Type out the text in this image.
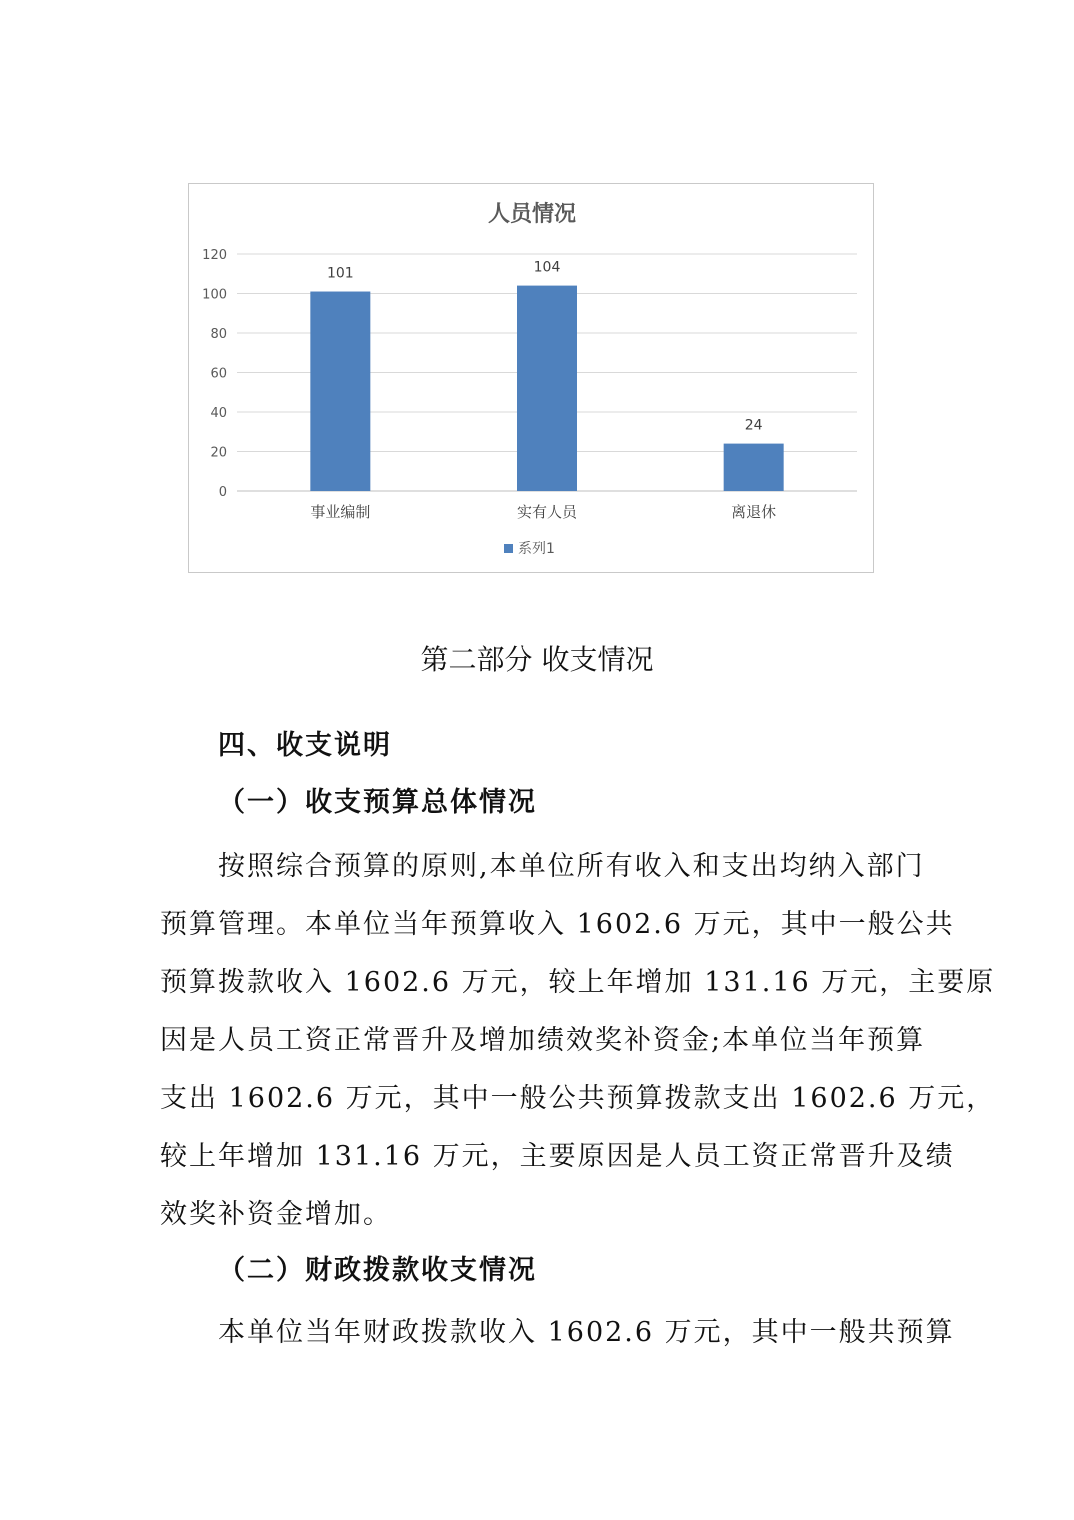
人员情况
0
20
40
60
80
100
120
101	104
24
事业编制	实有人员	离退休
系列1
第二部分 收支情况
四、收支说明
（一）收支预算总体情况
按照综合预算的原则,本单位所有收入和支出均纳入部门
预算管理。本单位当年预算收入 1602.6 万元，其中一般公共
预算拨款收入 1602.6 万元，较上年增加 131.16 万元，主要原
因是人员工资正常晋升及增加绩效奖补资金;本单位当年预算
支出 1602.6 万元，其中一般公共预算拨款支出 1602.6 万元，
较上年增加 131.16 万元，主要原因是人员工资正常晋升及绩
效奖补资金增加。
（二）财政拨款收支情况
本单位当年财政拨款收入 1602.6 万元，其中一般共预算
